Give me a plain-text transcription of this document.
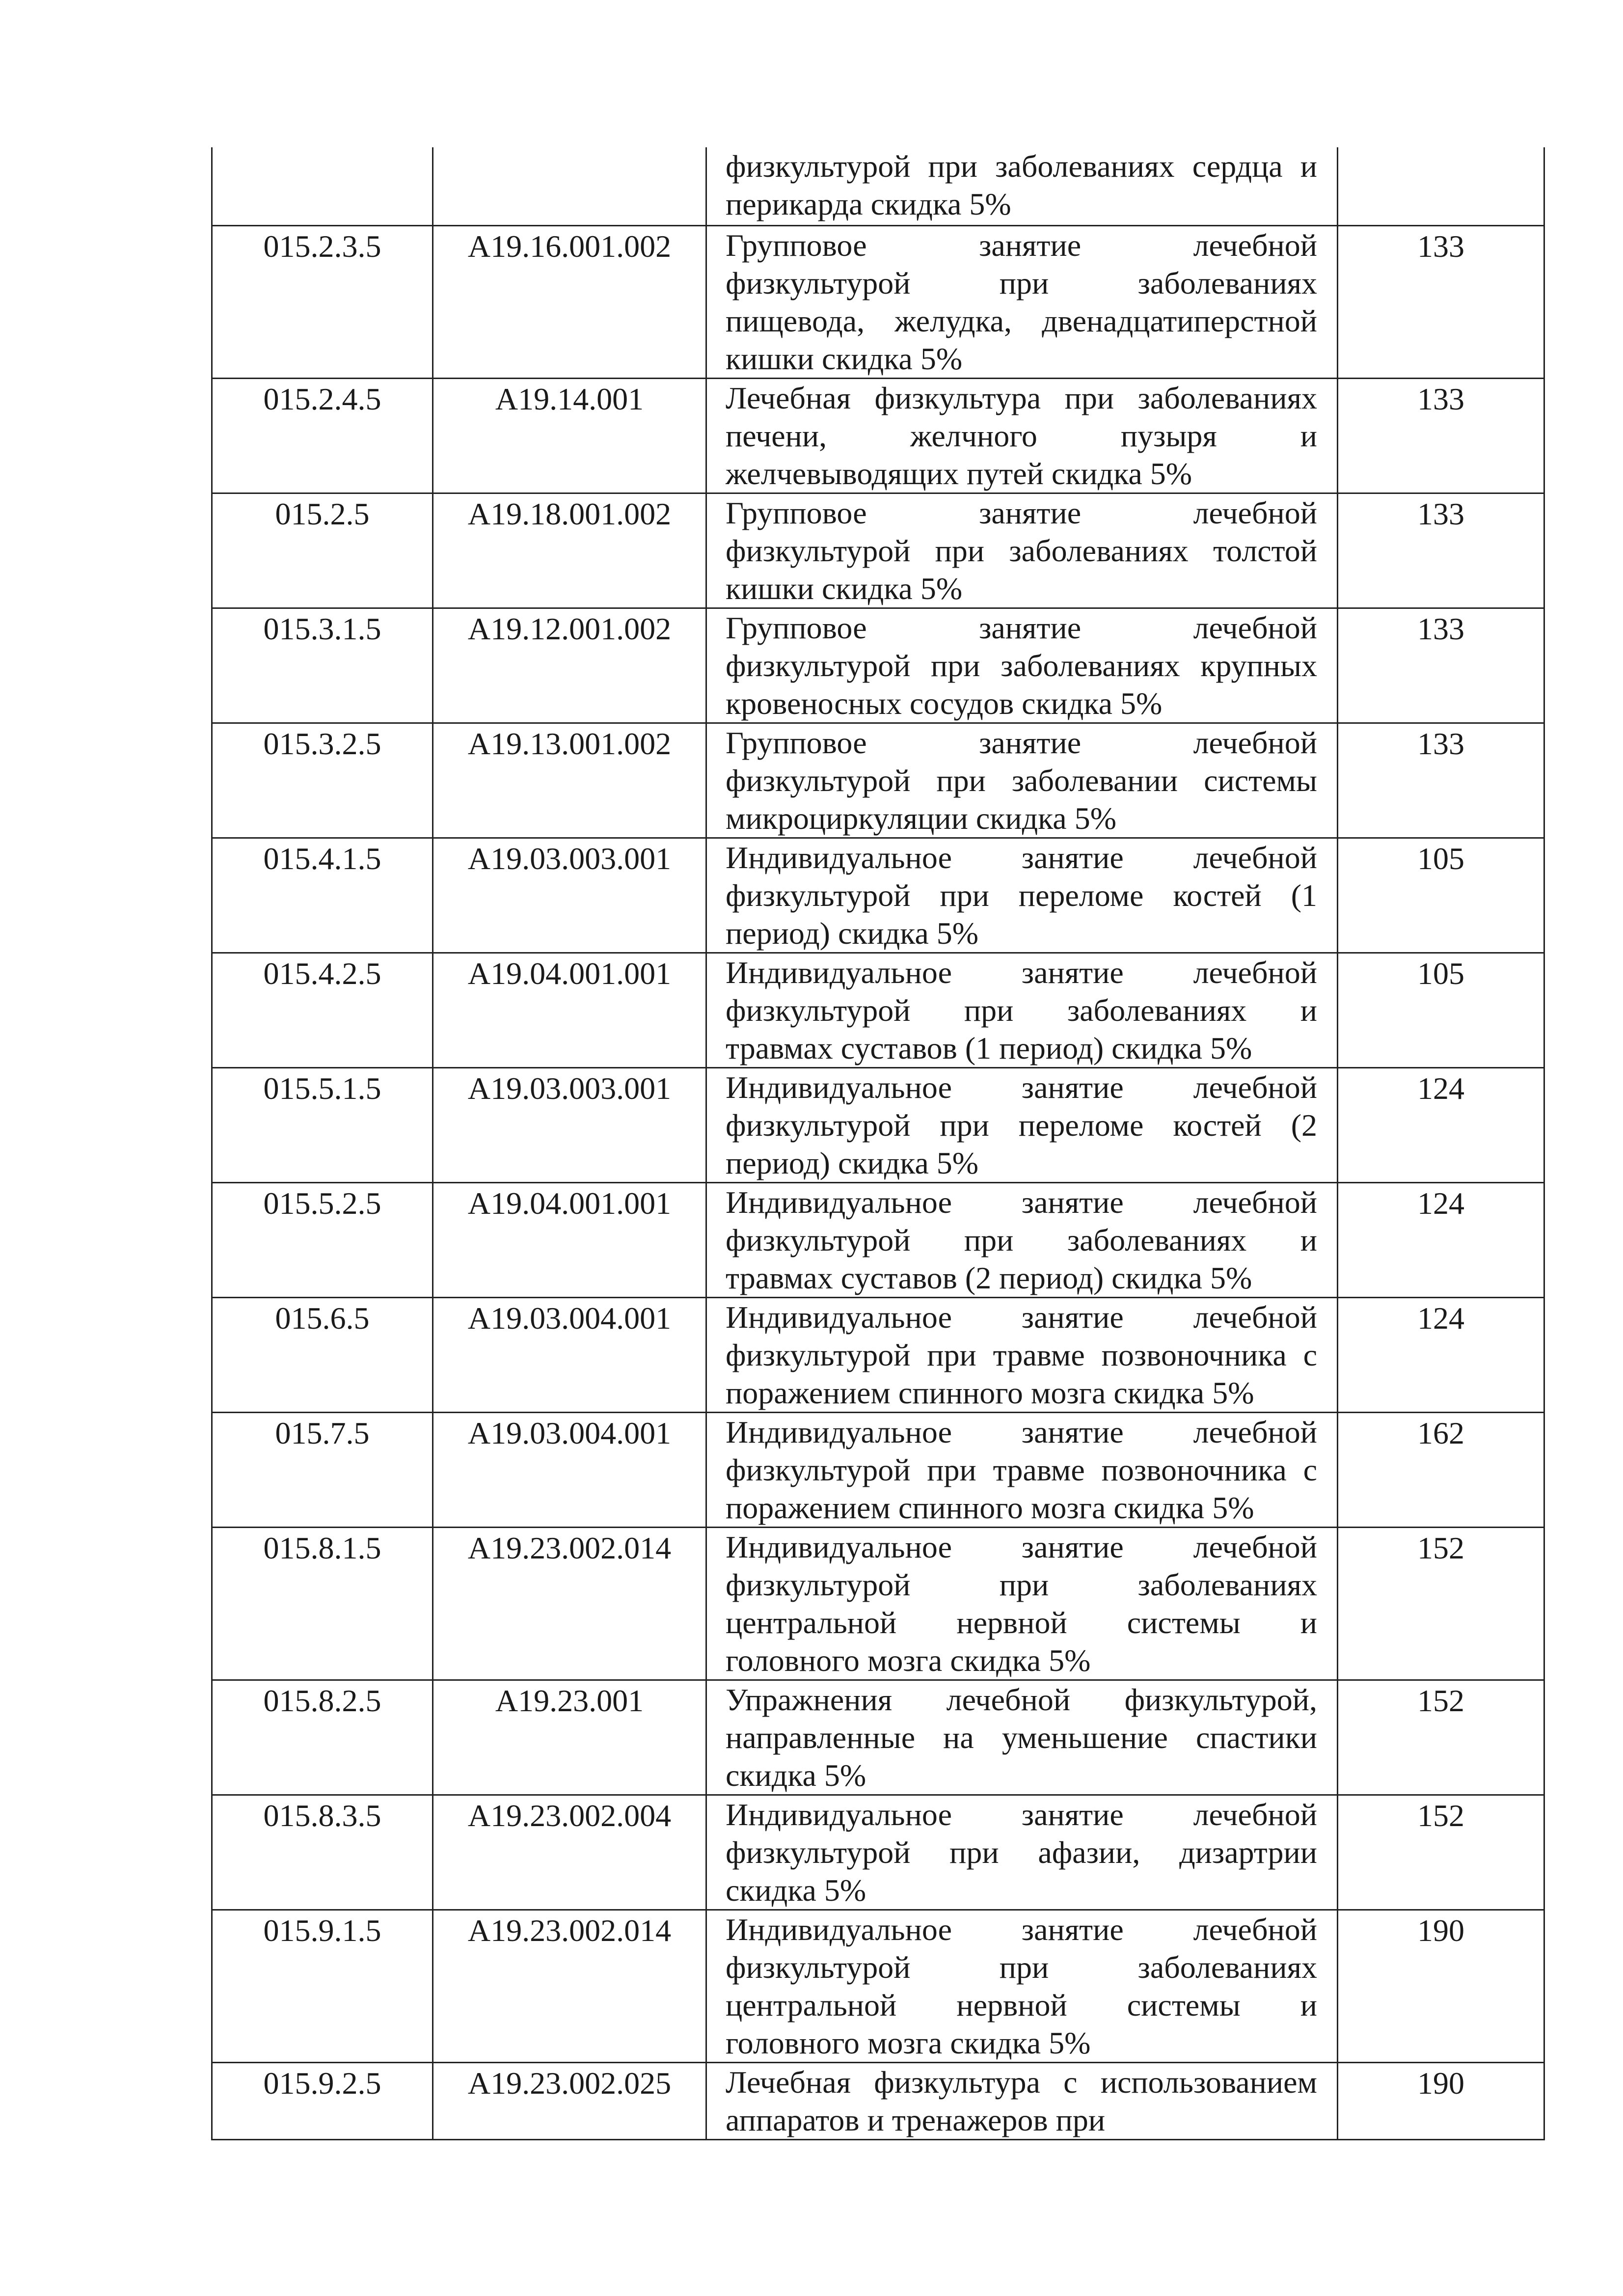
		физкультурой при заболеваниях сердца и
перикарда скидка 5%	

015.2.3.5	А19.16.001.002	Групповое занятие лечебной
физкультурой при заболеваниях
пищевода, желудка, двенадцатиперстной
кишки скидка 5%	133
015.2.4.5	А19.14.001	Лечебная физкультура при заболеваниях
печени, желчного пузыря и
желчевыводящих путей скидка 5%	133
015.2.5	А19.18.001.002	Групповое занятие лечебной
физкультурой при заболеваниях толстой
кишки скидка 5%	133
015.3.1.5	А19.12.001.002	Групповое занятие лечебной
физкультурой при заболеваниях крупных
кровеносных сосудов скидка 5%	133
015.3.2.5	А19.13.001.002	Групповое занятие лечебной
физкультурой при заболевании системы
микроциркуляции скидка 5%	133
015.4.1.5	А19.03.003.001	Индивидуальное занятие лечебной
физкультурой при переломе костей (1
период) скидка 5%	105
015.4.2.5	А19.04.001.001	Индивидуальное занятие лечебной
физкультурой при заболеваниях и
травмах суставов (1 период) скидка 5%	105
015.5.1.5	А19.03.003.001	Индивидуальное занятие лечебной
физкультурой при переломе костей (2
период) скидка 5%	124
015.5.2.5	А19.04.001.001	Индивидуальное занятие лечебной
физкультурой при заболеваниях и
травмах суставов (2 период) скидка 5%	124
015.6.5	А19.03.004.001	Индивидуальное занятие лечебной
физкультурой при травме позвоночника с
поражением спинного мозга скидка 5%	124
015.7.5	А19.03.004.001	Индивидуальное занятие лечебной
физкультурой при травме позвоночника с
поражением спинного мозга скидка 5%	162
015.8.1.5	А19.23.002.014	Индивидуальное занятие лечебной
физкультурой при заболеваниях
центральной нервной системы и
головного мозга скидка 5%	152
015.8.2.5	А19.23.001	Упражнения лечебной физкультурой,
направленные на уменьшение спастики
скидка 5%	152
015.8.3.5	А19.23.002.004	Индивидуальное занятие лечебной
физкультурой при афазии, дизартрии
скидка 5%	152
015.9.1.5	А19.23.002.014	Индивидуальное занятие лечебной
физкультурой при заболеваниях
центральной нервной системы и
головного мозга скидка 5%	190
015.9.2.5	А19.23.002.025	Лечебная физкультура с использованием
аппаратов и тренажеров при	190
